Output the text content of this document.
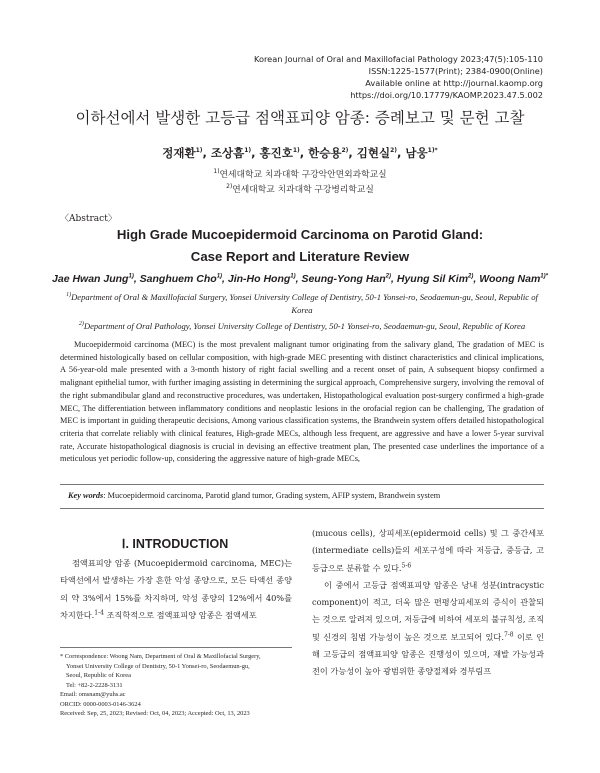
Korean Journal of Oral and Maxillofacial Pathology 2023;47(5):105-110
ISSN:1225-1577(Print); 2384-0900(Online)
Available online at http://journal.kaomp.org
https://doi.org/10.17779/KAOMP.2023.47.5.002
이하선에서 발생한 고등급 점액표피양 암종: 증례보고 및 문헌 고찰
정재환$^{1)}$, 조상흠$^{1)}$, 홍진호$^{1)}$, 한승용$^{2)}$, 김현실$^{2)}$, 남웅$^{1)*}$
$^{1)}$연세대학교 치과대학 구강악안면외과학교실
$^{2)}$연세대학교 치과대학 구강병리학교실
〈Abstract〉
High Grade Mucoepidermoid Carcinoma on Parotid Gland:
Case Report and Literature Review
Jae Hwan Jung$^{1)}$, Sanghuem Cho$^{1)}$, Jin-Ho Hong$^{1)}$, Seung-Yong Han$^{2)}$, Hyung Sil Kim$^{2)}$, Woong Nam$^{1)*}$
$^{1)}$Department of Oral & Maxillofacial Surgery, Yonsei University College of Dentistry, 50-1 Yonsei-ro, Seodaemun-gu, Seoul, Republic of Korea
$^{2)}$Department of Oral Pathology, Yonsei University College of Dentistry, 50-1 Yonsei-ro, Seodaemun-gu, Seoul, Republic of Korea
Mucoepidermoid carcinoma (MEC) is the most prevalent malignant tumor originating from the salivary gland, The gradation of MEC is determined histologically based on cellular composition, with high-grade MEC presenting with distinct characteristics and clinical implications, A 56-year-old male presented with a 3-month history of right facial swelling and a recent onset of pain, A subsequent biopsy confirmed a malignant epithelial tumor, with further imaging assisting in determining the surgical approach, Comprehensive surgery, involving the removal of the right submandibular gland and reconstructive procedures, was undertaken, Histopathological evaluation post-surgery confirmed a high-grade MEC, The differentiation between inflammatory conditions and neoplastic lesions in the orofacial region can be challenging, The gradation of MEC is important in guiding therapeutic decisions, Among various classification systems, the Brandwein system offers detailed histopathological criteria that correlate reliably with clinical features, High-grade MECs, although less frequent, are aggressive and have a lower 5-year survival rate, Accurate histopathological diagnosis is crucial in devising an effective treatment plan, The presented case underlines the importance of a meticulous yet periodic follow-up, considering the aggressive nature of high-grade MECs,
Key words: Mucoepidermoid carcinoma, Parotid gland tumor, Grading system, AFIP system, Brandwein system
Ⅰ. INTRODUCTION

점액표피양 암종 (Mucoepidermoid carcinoma, MEC)는 타액선에서 발생하는 가장 흔한 악성 종양으로, 모든 타액선 종양의 약 3%에서 15%를 차지하며, 악성 종양의 12%에서 40%를 차지한다.$^{1-4}$ 조직학적으로 점액표피양 암종은 점액세포

* Correspondence: Woong Nam, Department of Oral & Maxillofacial Surgery,
Yonsei University College of Dentistry, 50-1 Yonsei-ro, Seodaemun-gu,
Seoul, Republic of Korea
Tel: +82-2-2228-3131
Email: omsnam@yuhs.ac
ORCID: 0000-0003-0146-3624
Received: Sep, 25, 2023; Revised: Oct, 04, 2023; Accepted: Oct, 13, 2023

(mucous cells), 상피세포(epidermoid cells) 및 그 중간세포(intermediate cells)들의 세포구성에 따라 저등급, 중등급, 고등급으로 분류할 수 있다.$^{5-6}$

이 중에서 고등급 점액표피양 암종은 낭내 성분(intracystic component)이 적고, 더욱 많은 편평상피세포의 증식이 관찰되는 것으로 알려져 있으며, 저등급에 비하여 세포의 불규칙성, 조직 및 신경의 침범 가능성이 높은 것으로 보고되어 있다.$^{7-8}$ 이로 인해 고등급의 점액표피양 암종은 진행성이 있으며, 재발 가능성과 전이 가능성이 높아 광범위한 종양절제와 경부림프
